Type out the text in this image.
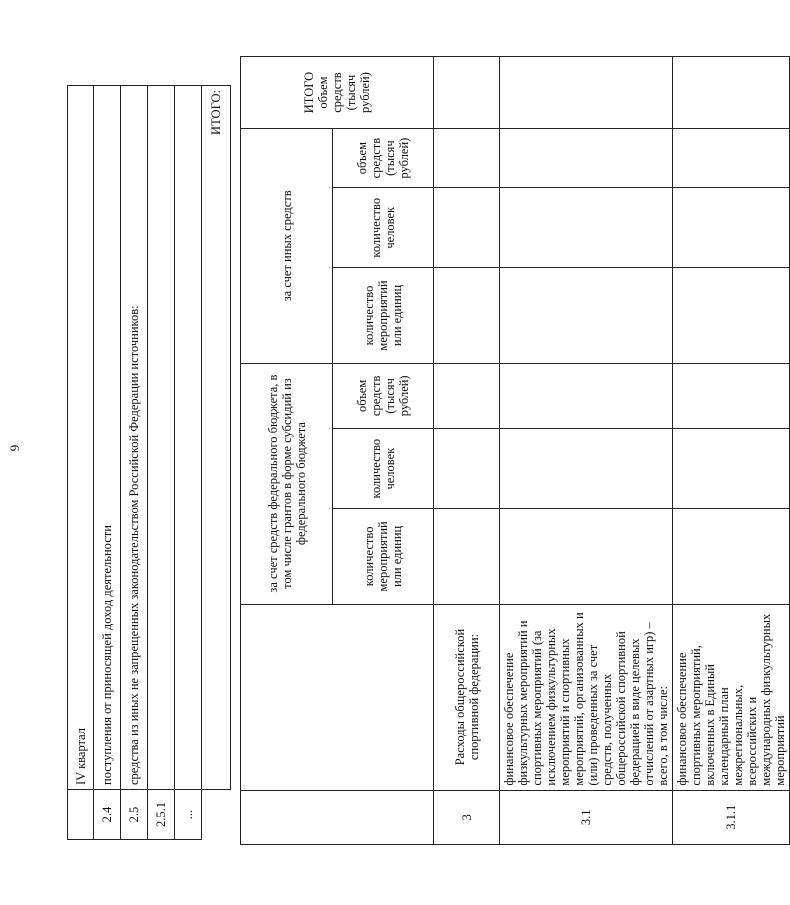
9
	IV квартал
2.4	поступления от приносящей доход деятельности
2.5	средства из иных не запрещенных законодательством Российской Федерации источников:
2.5.1	
...	
	ИТОГО:
		за счет средств федерального бюджета, в том числе грантов в форме субсидий из федерального бюджета			за счет иных средств			ИТОГО объем средств (тысяч рублей)
		количество мероприятий или единиц	количество человек	объем средств (тысяч рублей)	количество мероприятий или единиц	количество человек	объем средств (тысяч рублей)	
3	Расходы общероссийской спортивной федерации:							
3.1	финансовое обеспечение физкультурных мероприятий и спортивных мероприятий (за исключением физкультурных мероприятий и спортивных мероприятий, организованных и (или) проведенных за счет средств, полученных общероссийской спортивной федерацией в виде целевых отчислений от азартных игр) – всего, в том числе:							
3.1.1	финансовое обеспечение спортивных мероприятий, включенных в Единый календарный план межрегиональных, всероссийских и международных физкультурных мероприятий							
